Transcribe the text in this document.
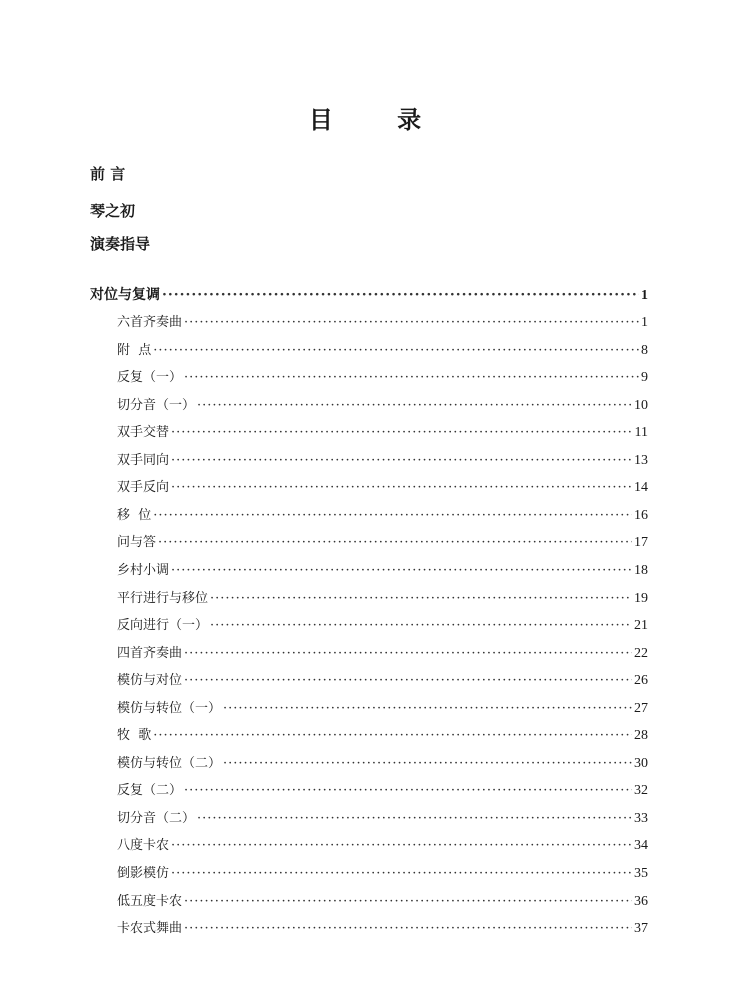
目 录
前 言
琴之初
演奏指导
对位与复调 ·····	1
六首齐奏曲 ·····	1
附  点 ·····	8
反复（一） ·····	9
切分音（一） ·····	10
双手交替 ·····	11
双手同向 ·····	13
双手反向 ·····	14
移  位 ·····	16
问与答 ·····	17
乡村小调 ·····	18
平行进行与移位 ·····	19
反向进行（一） ·····	21
四首齐奏曲 ·····	22
模仿与对位 ·····	26
模仿与转位（一） ·····	27
牧  歌 ·····	28
模仿与转位（二） ·····	30
反复（二） ·····	32
切分音（二） ·····	33
八度卡农 ·····	34
倒影模仿 ·····	35
低五度卡农 ·····	36
卡农式舞曲 ·····	37
